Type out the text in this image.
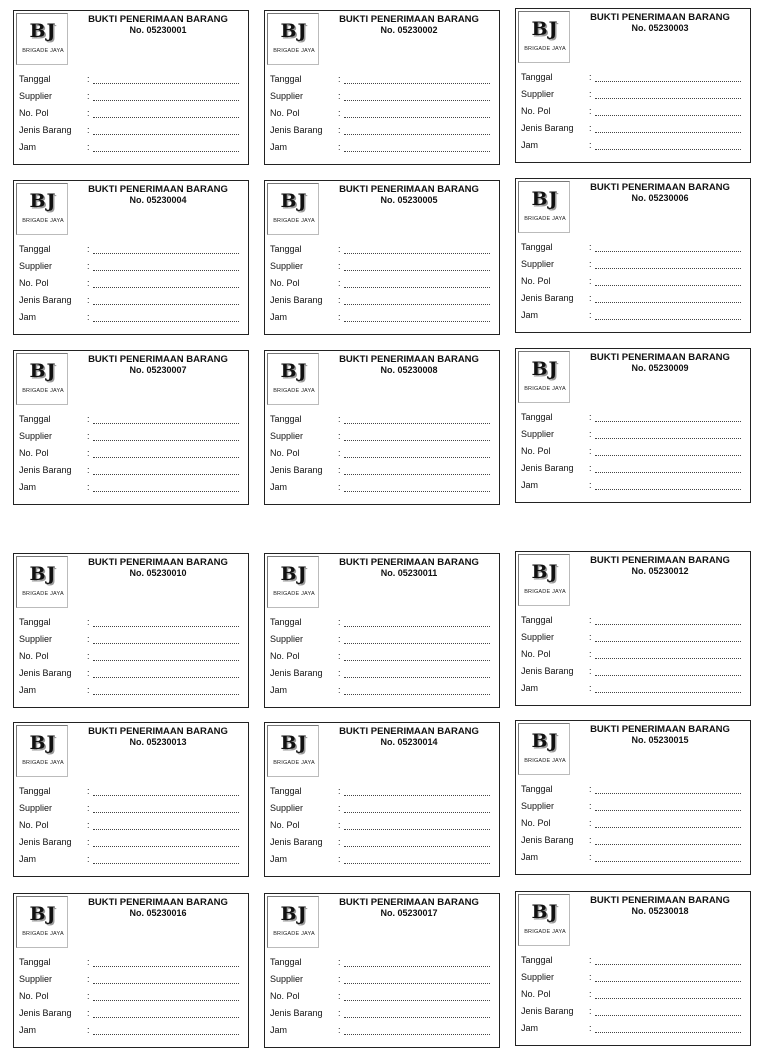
BJ
BRIGADE JAYA
BUKTI PENERIMAAN BARANG
No. 05230001
Tanggal	:
Supplier	:
No. Pol	:
Jenis Barang :
Jam	:
BJ
BRIGADE JAYA
BUKTI PENERIMAAN BARANG
No. 05230002
Tanggal	:
Supplier	:
No. Pol	:
Jenis Barang :
Jam	:
BJ
BRIGADE JAYA
BUKTI PENERIMAAN BARANG
No. 05230003
Tanggal	:
Supplier	:
No. Pol	:
Jenis Barang :
Jam	:
BJ
BRIGADE JAYA
BUKTI PENERIMAAN BARANG
No. 05230004
Tanggal	:
Supplier	:
No. Pol	:
Jenis Barang :
Jam	:
BJ
BRIGADE JAYA
BUKTI PENERIMAAN BARANG
No. 05230005
Tanggal	:
Supplier	:
No. Pol	:
Jenis Barang :
Jam	:
BJ
BRIGADE JAYA
BUKTI PENERIMAAN BARANG
No. 05230006
Tanggal	:
Supplier	:
No. Pol	:
Jenis Barang :
Jam	:
BJ
BRIGADE JAYA
BUKTI PENERIMAAN BARANG
No. 05230007
Tanggal	:
Supplier	:
No. Pol	:
Jenis Barang :
Jam	:
BJ
BRIGADE JAYA
BUKTI PENERIMAAN BARANG
No. 05230008
Tanggal	:
Supplier	:
No. Pol	:
Jenis Barang :
Jam	:
BJ
BRIGADE JAYA
BUKTI PENERIMAAN BARANG
No. 05230009
Tanggal	:
Supplier	:
No. Pol	:
Jenis Barang :
Jam	:
BJ
BRIGADE JAYA
BUKTI PENERIMAAN BARANG
No. 05230010
Tanggal	:
Supplier	:
No. Pol	:
Jenis Barang :
Jam	:
BJ
BRIGADE JAYA
BUKTI PENERIMAAN BARANG
No. 05230011
Tanggal	:
Supplier	:
No. Pol	:
Jenis Barang :
Jam	:
BJ
BRIGADE JAYA
BUKTI PENERIMAAN BARANG
No. 05230012
Tanggal	:
Supplier	:
No. Pol	:
Jenis Barang :
Jam	:
BJ
BRIGADE JAYA
BUKTI PENERIMAAN BARANG
No. 05230013
Tanggal	:
Supplier	:
No. Pol	:
Jenis Barang :
Jam	:
BJ
BRIGADE JAYA
BUKTI PENERIMAAN BARANG
No. 05230014
Tanggal	:
Supplier	:
No. Pol	:
Jenis Barang :
Jam	:
BJ
BRIGADE JAYA
BUKTI PENERIMAAN BARANG
No. 05230015
Tanggal	:
Supplier	:
No. Pol	:
Jenis Barang :
Jam	:
BJ
BRIGADE JAYA
BUKTI PENERIMAAN BARANG
No. 05230016
Tanggal	:
Supplier	:
No. Pol	:
Jenis Barang :
Jam	:
BJ
BRIGADE JAYA
BUKTI PENERIMAAN BARANG
No. 05230017
Tanggal	:
Supplier	:
No. Pol	:
Jenis Barang :
Jam	:
BJ
BRIGADE JAYA
BUKTI PENERIMAAN BARANG
No. 05230018
Tanggal	:
Supplier	:
No. Pol	:
Jenis Barang :
Jam	:
